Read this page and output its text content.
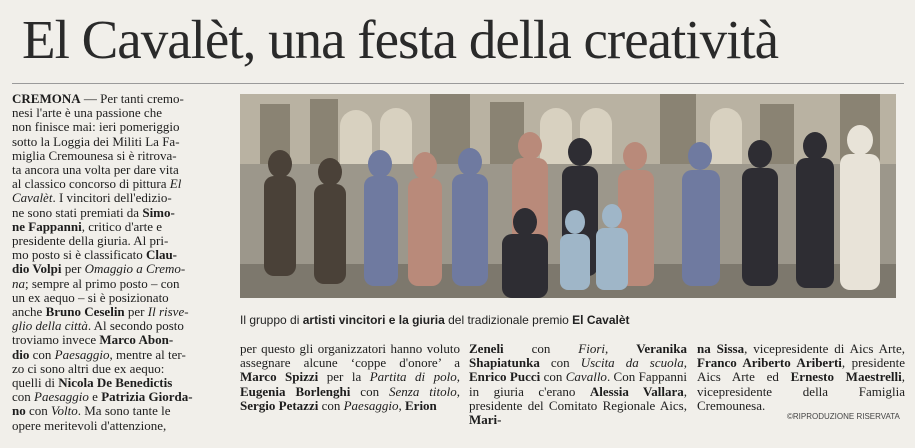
El Cavalèt, una festa della creatività
CREMONA — Per tanti cremo-
nesi l'arte è una passione che
non finisce mai: ieri pomeriggio
sotto la Loggia dei Militi La Fa-
miglia Cremounesa si è ritrova-
ta ancora una volta per dare vita
al classico concorso di pittura El
Cavalèt. I vincitori dell'edizio-
ne sono stati premiati da Simo-
ne Fappanni, critico d'arte e
presidente della giuria. Al pri-
mo posto si è classificato Clau-
dio Volpi per Omaggio a Cremo-
na; sempre al primo posto – con
un ex aequo – si è posizionato
anche Bruno Ceselin per Il risve-
glio della città. Al secondo posto
troviamo invece Marco Abon-
dio con Paesaggio, mentre al ter-
zo ci sono altri due ex aequo:
quelli di Nicola De Benedictis
con Paesaggio e Patrizia Giorda-
no con Volto. Ma sono tante le
opere meritevoli d'attenzione,
Il gruppo di artisti vincitori e la giuria del tradizionale premio El Cavalèt
per questo gli organizzatori hanno voluto assegnare alcune ‘coppe d'onore’ a Marco Spizzi per la Partita di polo, Eugenia Borlenghi con Senza titolo, Sergio Petazzi con Paesaggio, Erion
Zeneli con Fiori, Veranika Shapiatunka con Uscita da scuola, Enrico Pucci con Cavallo. Con Fappanni in giuria c'erano Alessia Vallara, presidente del Comitato Regionale Aics, Mari-
na Sissa, vicepresidente di Aics Arte, Franco Ariberto Ariberti, presidente Aics Arte ed Ernesto Maestrelli, vicepresidente della Famiglia Cremounesa.
©RIPRODUZIONE RISERVATA
